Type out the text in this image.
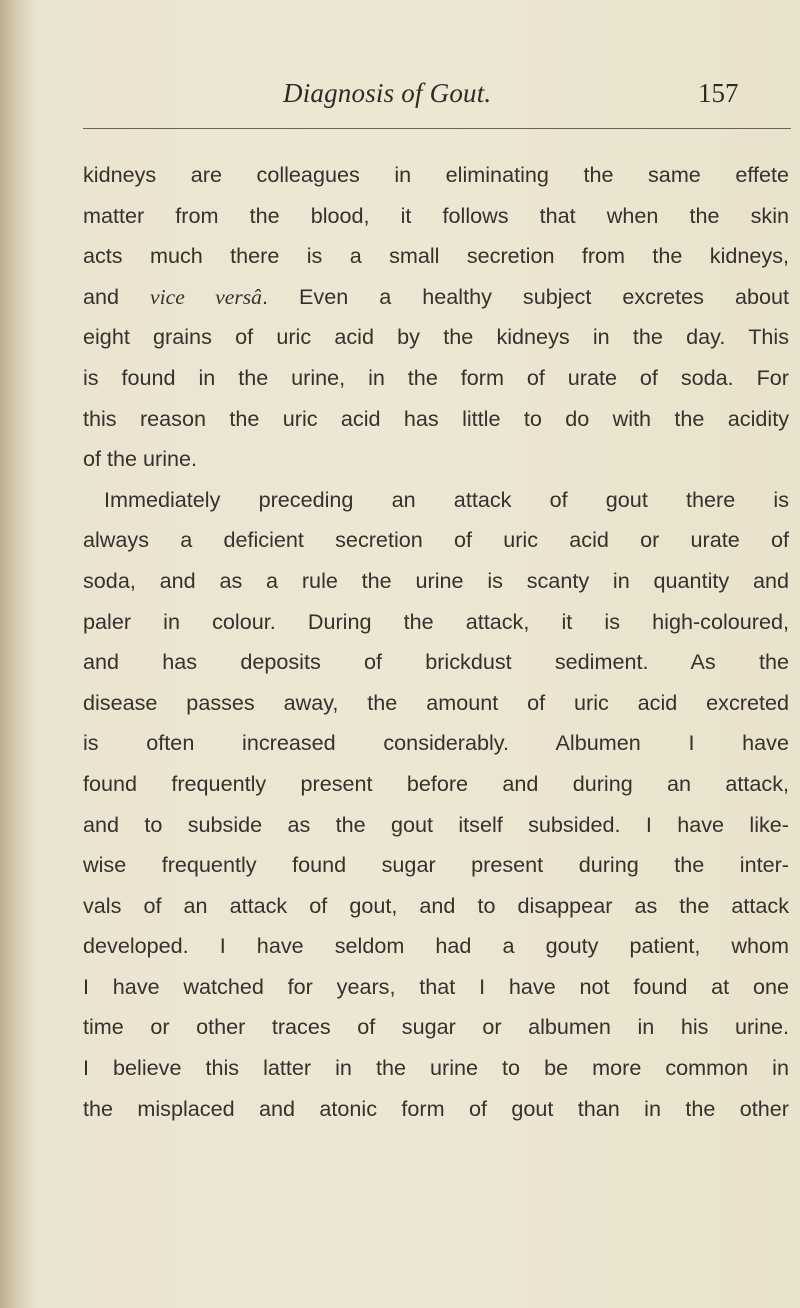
Diagnosis of Gout.	157
kidneys are colleagues in eliminating the same effete
matter from the blood, it follows that when the skin
acts much there is a small secretion from the kidneys,
and vice versâ. Even a healthy subject excretes about
eight grains of uric acid by the kidneys in the day. This
is found in the urine, in the form of urate of soda. For
this reason the uric acid has little to do with the acidity
of the urine.
Immediately preceding an attack of gout there is
always a deficient secretion of uric acid or urate of
soda, and as a rule the urine is scanty in quantity and
paler in colour. During the attack, it is high-coloured,
and has deposits of brickdust sediment. As the
disease passes away, the amount of uric acid excreted
is often increased considerably. Albumen I have
found frequently present before and during an attack,
and to subside as the gout itself subsided. I have like-
wise frequently found sugar present during the inter-
vals of an attack of gout, and to disappear as the attack
developed. I have seldom had a gouty patient, whom
I have watched for years, that I have not found at one
time or other traces of sugar or albumen in his urine.
I believe this latter in the urine to be more common in
the misplaced and atonic form of gout than in the other
